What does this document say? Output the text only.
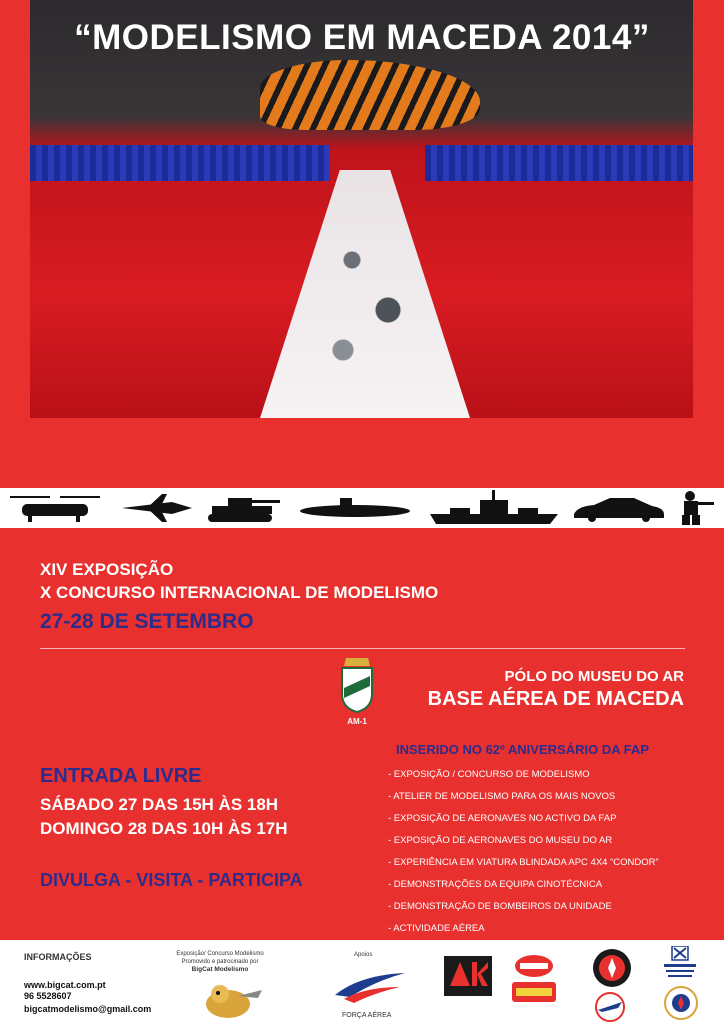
“MODELISMO EM MACEDA 2014”
XIV EXPOSIÇÃO
X CONCURSO INTERNACIONAL DE MODELISMO
27-28 DE SETEMBRO
AM-1
PÓLO DO MUSEU DO AR
BASE AÉREA DE MACEDA
ENTRADA LIVRE
SÁBADO 27 DAS 15H ÀS 18H
DOMINGO 28 DAS 10H ÀS 17H
DIVULGA - VISITA - PARTICIPA
INSERIDO NO 62º ANIVERSÁRIO DA FAP
- EXPOSIÇÃO / CONCURSO DE MODELISMO
- ATELIER DE MODELISMO PARA OS MAIS NOVOS
- EXPOSIÇÃO DE AERONAVES NO ACTIVO DA FAP
- EXPOSIÇÃO DE AERONAVES DO MUSEU DO AR
- EXPERIÊNCIA EM VIATURA BLINDADA APC 4X4 “CONDOR”
- DEMONSTRAÇÕES DA EQUIPA CINOTÉCNICA
- DEMONSTRAÇÃO DE BOMBEIROS DA UNIDADE
- ACTIVIDADE AÉREA
INFORMAÇÕES
www.bigcat.com.pt
96 5528607
bigcatmodelismo@gmail.com
Exposição/ Concurso Modelismo
Promovido e patrocinado por
BigCat Modelismo
Apoios
FORÇA AÉREA
